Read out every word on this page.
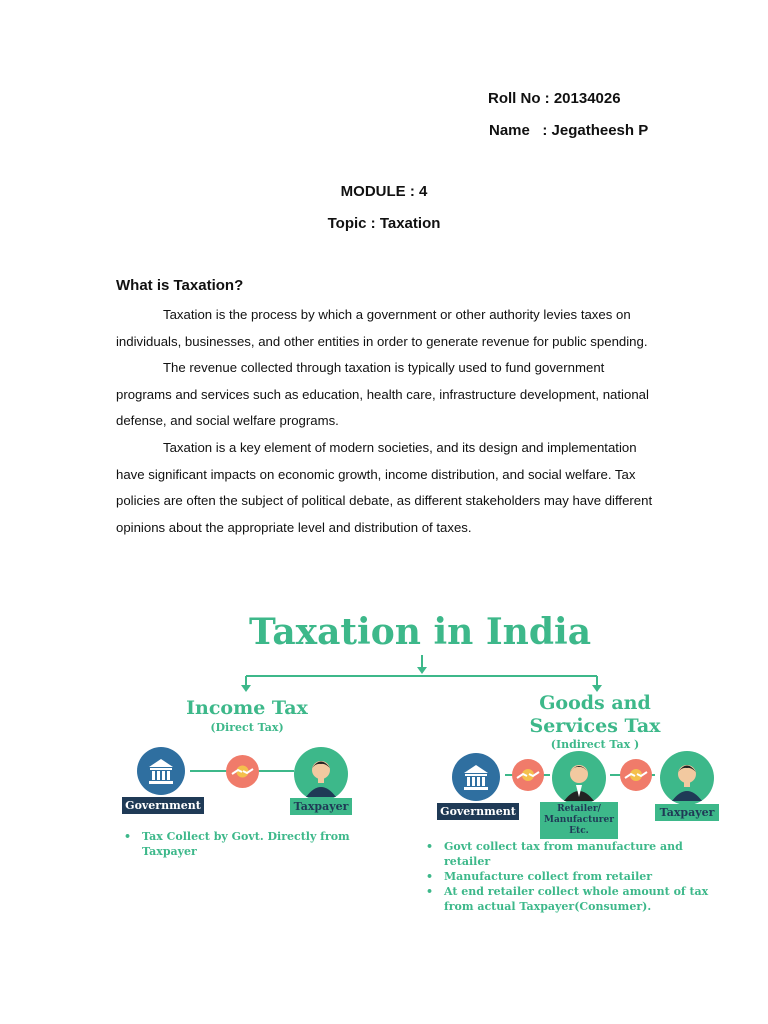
Roll No : 20134026
Name   : Jegatheesh P
MODULE : 4
Topic : Taxation
What is Taxation?

Taxation is the process by which a government or other authority levies taxes on individuals, businesses, and other entities in order to generate revenue for public spending.

The revenue collected through taxation is typically used to fund government programs and services such as education, health care, infrastructure development, national defense, and social welfare programs.

Taxation is a key element of modern societies, and its design and implementation have significant impacts on economic growth, income distribution, and social welfare. Tax policies are often the subject of political debate, as different stakeholders may have different opinions about the appropriate level and distribution of taxes.

Taxation in India
Income Tax
(Direct Tax)
Government	Taxpayer
• Tax Collect by Govt. Directly from Taxpayer
Goods and
Services Tax
(Indirect Tax )
Government	Retailer/
Manufacturer Etc.
Taxpayer
• Govt collect tax from manufacture and retailer
• Manufacture collect from retailer
• At end retailer collect whole amount of tax from actual Taxpayer(Consumer).
